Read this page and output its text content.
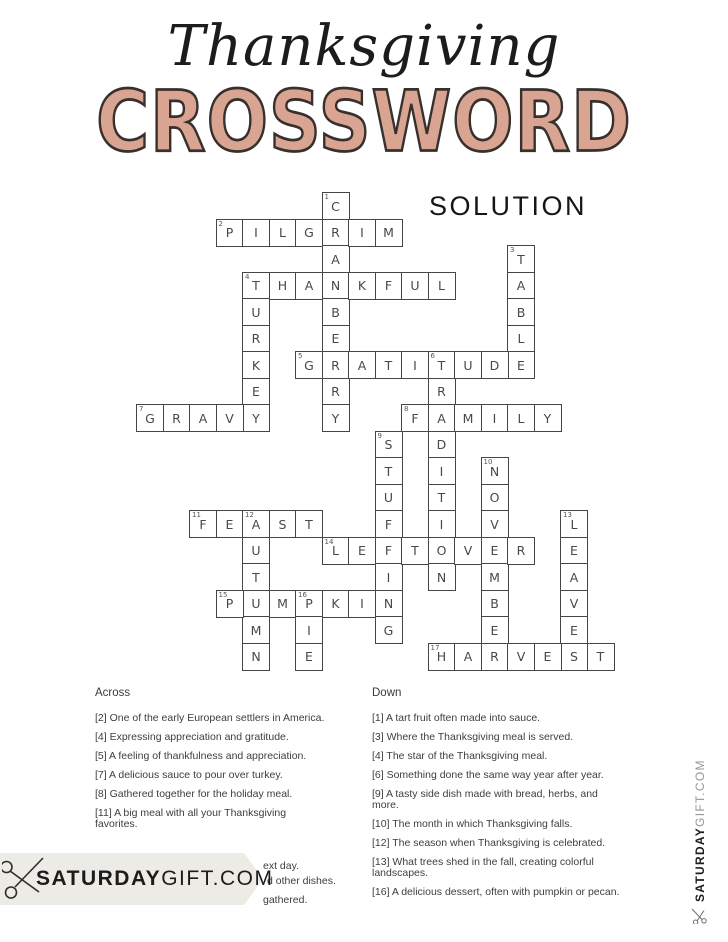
Thanksgiving
CROSSWORD
SOLUTION
1
C
R
A
N
B
E
R
R
Y
2
P I L G	I M
3
T
A
B
L
E
4
T H A	K F U L
U
R
K
E
Y
5
G	A T I
6
T U D
R
A
D
I
T
I
O
N
7
G R A V
8
F	M I L Y
9
S
T
U
F
F
I
N
G
10
N
O
V
E
M
B
E
R
11
F E
12
A S T
U
T
U
M
N
13
L
E
A
V
E
S
14
L E	T	V	R
15
P	M
16
P K I
I
E
17
H A	V E	T
Across
[2] One of the early European settlers in America.
[4] Expressing appreciation and gratitude.
[5] A feeling of thankfulness and appreciation.
[7] A delicious sauce to pour over turkey.
[8] Gathered together for the holiday meal.
[11] A big meal with all your Thanksgiving favorites.
Down
[1] A tart fruit often made into sauce.
[3] Where the Thanksgiving meal is served.
[4] The star of the Thanksgiving meal.
[6] Something done the same way year after year.
[9] A tasty side dish made with bread, herbs, and more.
[10] The month in which Thanksgiving falls.
[12] The season when Thanksgiving is celebrated.
[13] What trees shed in the fall, creating colorful landscapes.
[16] A delicious dessert, often with pumpkin or pecan.
ext day.
d other dishes.
gathered.
SATURDAY GIFT.COM	SATURDAYGIFT.COM
